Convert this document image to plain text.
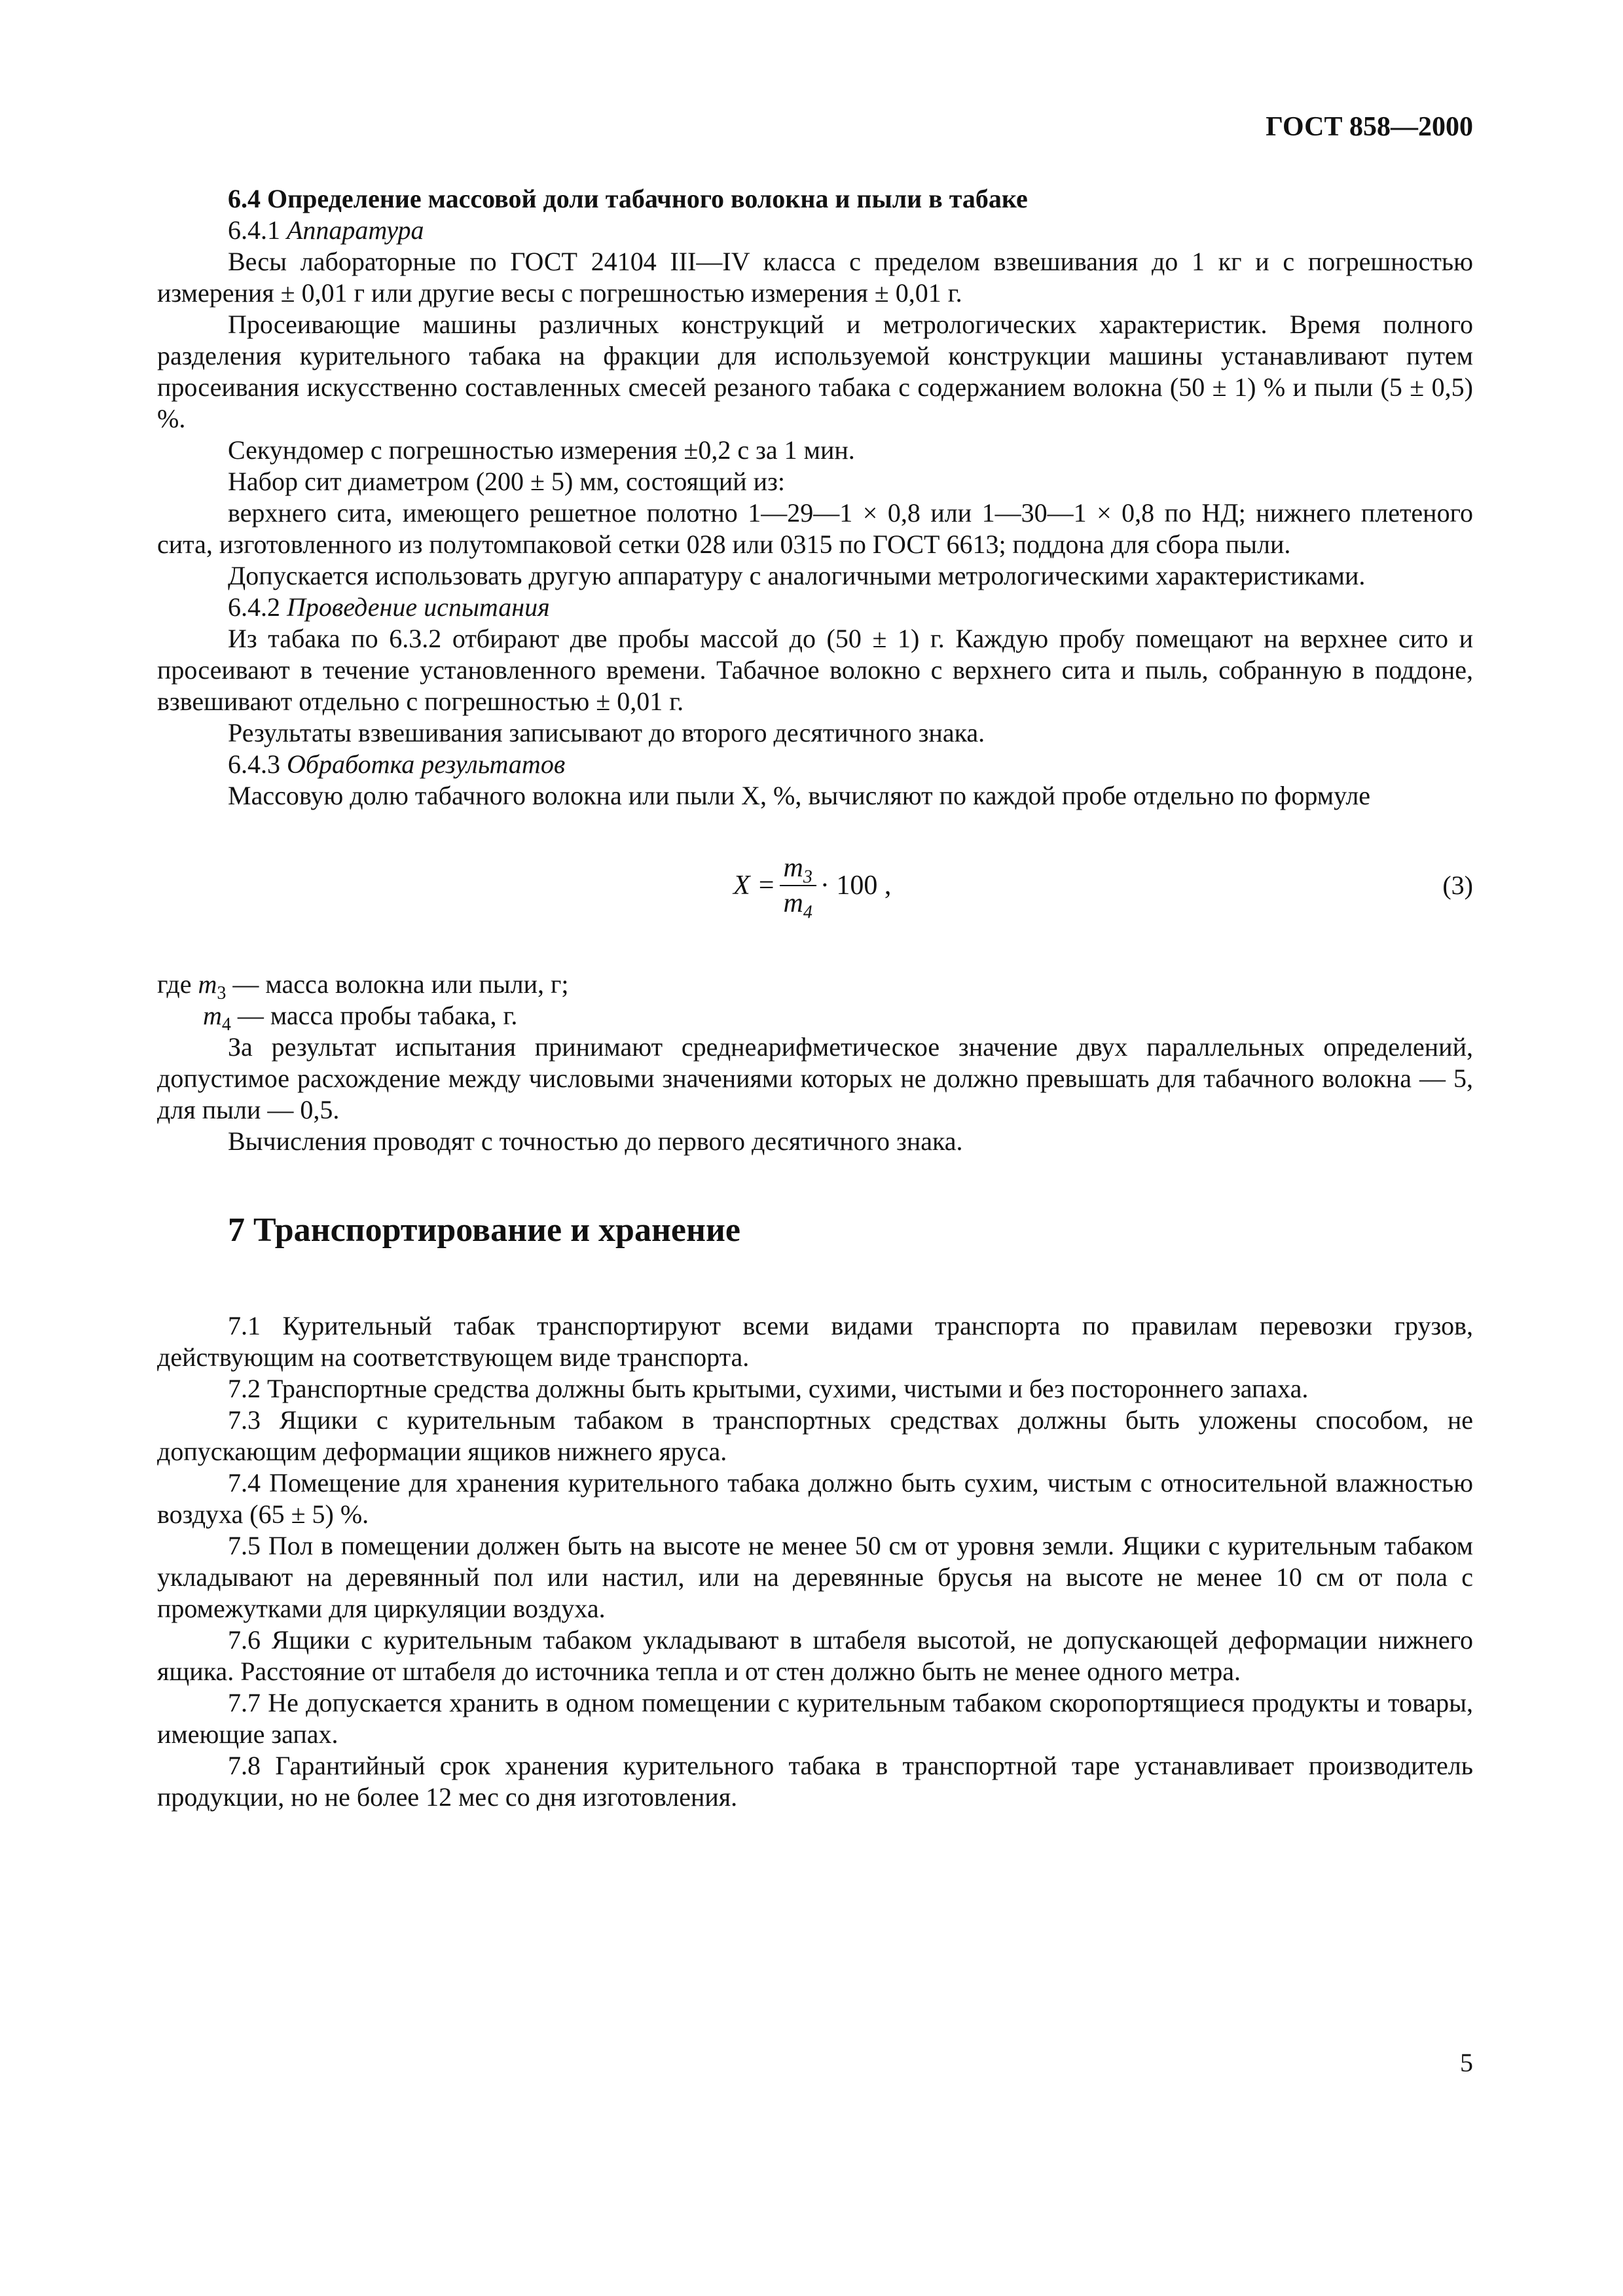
ГОСТ 858—2000

6.4 Определение массовой доли табачного волокна и пыли в табаке

6.4.1 Аппаратура

Весы лабораторные по ГОСТ 24104 III—IV класса с пределом взвешивания до 1 кг и с погрешностью измерения ± 0,01 г или другие весы с погрешностью измерения ± 0,01 г.

Просеивающие машины различных конструкций и метрологических характеристик. Время полного разделения курительного табака на фракции для используемой конструкции машины устанавливают путем просеивания искусственно составленных смесей резаного табака с содержанием волокна (50 ± 1) % и пыли (5 ± 0,5) %.

Секундомер с погрешностью измерения ±0,2 с за 1 мин.

Набор сит диаметром (200 ± 5) мм, состоящий из:

верхнего сита, имеющего решетное полотно 1—29—1 × 0,8 или 1—30—1 × 0,8 по НД; нижнего плетеного сита, изготовленного из полутомпаковой сетки 028 или 0315 по ГОСТ 6613; поддона для сбора пыли.

Допускается использовать другую аппаратуру с аналогичными метрологическими характеристиками.

6.4.2 Проведение испытания

Из табака по 6.3.2 отбирают две пробы массой до (50 ± 1) г. Каждую пробу помещают на верхнее сито и просеивают в течение установленного времени. Табачное волокно с верхнего сита и пыль, собранную в поддоне, взвешивают отдельно с погрешностью ± 0,01 г.

Результаты взвешивания записывают до второго десятичного знака.

6.4.3 Обработка результатов

Массовую долю табачного волокна или пыли X, %, вычисляют по каждой пробе отдельно по формуле

$X = \frac{m_3}{m_4} \cdot 100$ ,	(3)
где $m_3$ — масса волокна или пыли, г;
$m_4$ — масса пробы табака, г.

За результат испытания принимают среднеарифметическое значение двух параллельных определений, допустимое расхождение между числовыми значениями которых не должно превышать для табачного волокна — 5, для пыли — 0,5.

Вычисления проводят с точностью до первого десятичного знака.

7 Транспортирование и хранение

7.1 Курительный табак транспортируют всеми видами транспорта по правилам перевозки грузов, действующим на соответствующем виде транспорта.

7.2 Транспортные средства должны быть крытыми, сухими, чистыми и без постороннего запаха.

7.3 Ящики с курительным табаком в транспортных средствах должны быть уложены способом, не допускающим деформации ящиков нижнего яруса.

7.4 Помещение для хранения курительного табака должно быть сухим, чистым с относительной влажностью воздуха (65 ± 5) %.

7.5 Пол в помещении должен быть на высоте не менее 50 см от уровня земли. Ящики с курительным табаком укладывают на деревянный пол или настил, или на деревянные брусья на высоте не менее 10 см от пола с промежутками для циркуляции воздуха.

7.6 Ящики с курительным табаком укладывают в штабеля высотой, не допускающей деформации нижнего ящика. Расстояние от штабеля до источника тепла и от стен должно быть не менее одного метра.

7.7 Не допускается хранить в одном помещении с курительным табаком скоропортящиеся продукты и товары, имеющие запах.

7.8 Гарантийный срок хранения курительного табака в транспортной таре устанавливает производитель продукции, но не более 12 мес со дня изготовления.

5
